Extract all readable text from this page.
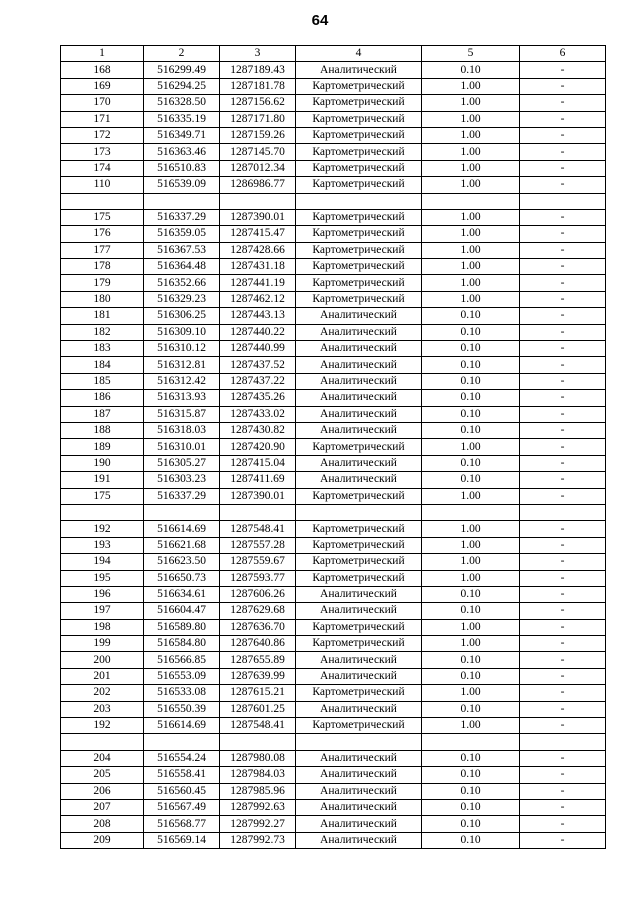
64
1	2	3	4	5	6
168	516299.49	1287189.43	Аналитический	0.10	-
169	516294.25	1287181.78	Картометрический	1.00	-
170	516328.50	1287156.62	Картометрический	1.00	-
171	516335.19	1287171.80	Картометрический	1.00	-
172	516349.71	1287159.26	Картометрический	1.00	-
173	516363.46	1287145.70	Картометрический	1.00	-
174	516510.83	1287012.34	Картометрический	1.00	-
110	516539.09	1286986.77	Картометрический	1.00	-

175	516337.29	1287390.01	Картометрический	1.00	-
176	516359.05	1287415.47	Картометрический	1.00	-
177	516367.53	1287428.66	Картометрический	1.00	-
178	516364.48	1287431.18	Картометрический	1.00	-
179	516352.66	1287441.19	Картометрический	1.00	-
180	516329.23	1287462.12	Картометрический	1.00	-
181	516306.25	1287443.13	Аналитический	0.10	-
182	516309.10	1287440.22	Аналитический	0.10	-
183	516310.12	1287440.99	Аналитический	0.10	-
184	516312.81	1287437.52	Аналитический	0.10	-
185	516312.42	1287437.22	Аналитический	0.10	-
186	516313.93	1287435.26	Аналитический	0.10	-
187	516315.87	1287433.02	Аналитический	0.10	-
188	516318.03	1287430.82	Аналитический	0.10	-
189	516310.01	1287420.90	Картометрический	1.00	-
190	516305.27	1287415.04	Аналитический	0.10	-
191	516303.23	1287411.69	Аналитический	0.10	-
175	516337.29	1287390.01	Картометрический	1.00	-

192	516614.69	1287548.41	Картометрический	1.00	-
193	516621.68	1287557.28	Картометрический	1.00	-
194	516623.50	1287559.67	Картометрический	1.00	-
195	516650.73	1287593.77	Картометрический	1.00	-
196	516634.61	1287606.26	Аналитический	0.10	-
197	516604.47	1287629.68	Аналитический	0.10	-
198	516589.80	1287636.70	Картометрический	1.00	-
199	516584.80	1287640.86	Картометрический	1.00	-
200	516566.85	1287655.89	Аналитический	0.10	-
201	516553.09	1287639.99	Аналитический	0.10	-
202	516533.08	1287615.21	Картометрический	1.00	-
203	516550.39	1287601.25	Аналитический	0.10	-
192	516614.69	1287548.41	Картометрический	1.00	-

204	516554.24	1287980.08	Аналитический	0.10	-
205	516558.41	1287984.03	Аналитический	0.10	-
206	516560.45	1287985.96	Аналитический	0.10	-
207	516567.49	1287992.63	Аналитический	0.10	-
208	516568.77	1287992.27	Аналитический	0.10	-
209	516569.14	1287992.73	Аналитический	0.10	-
